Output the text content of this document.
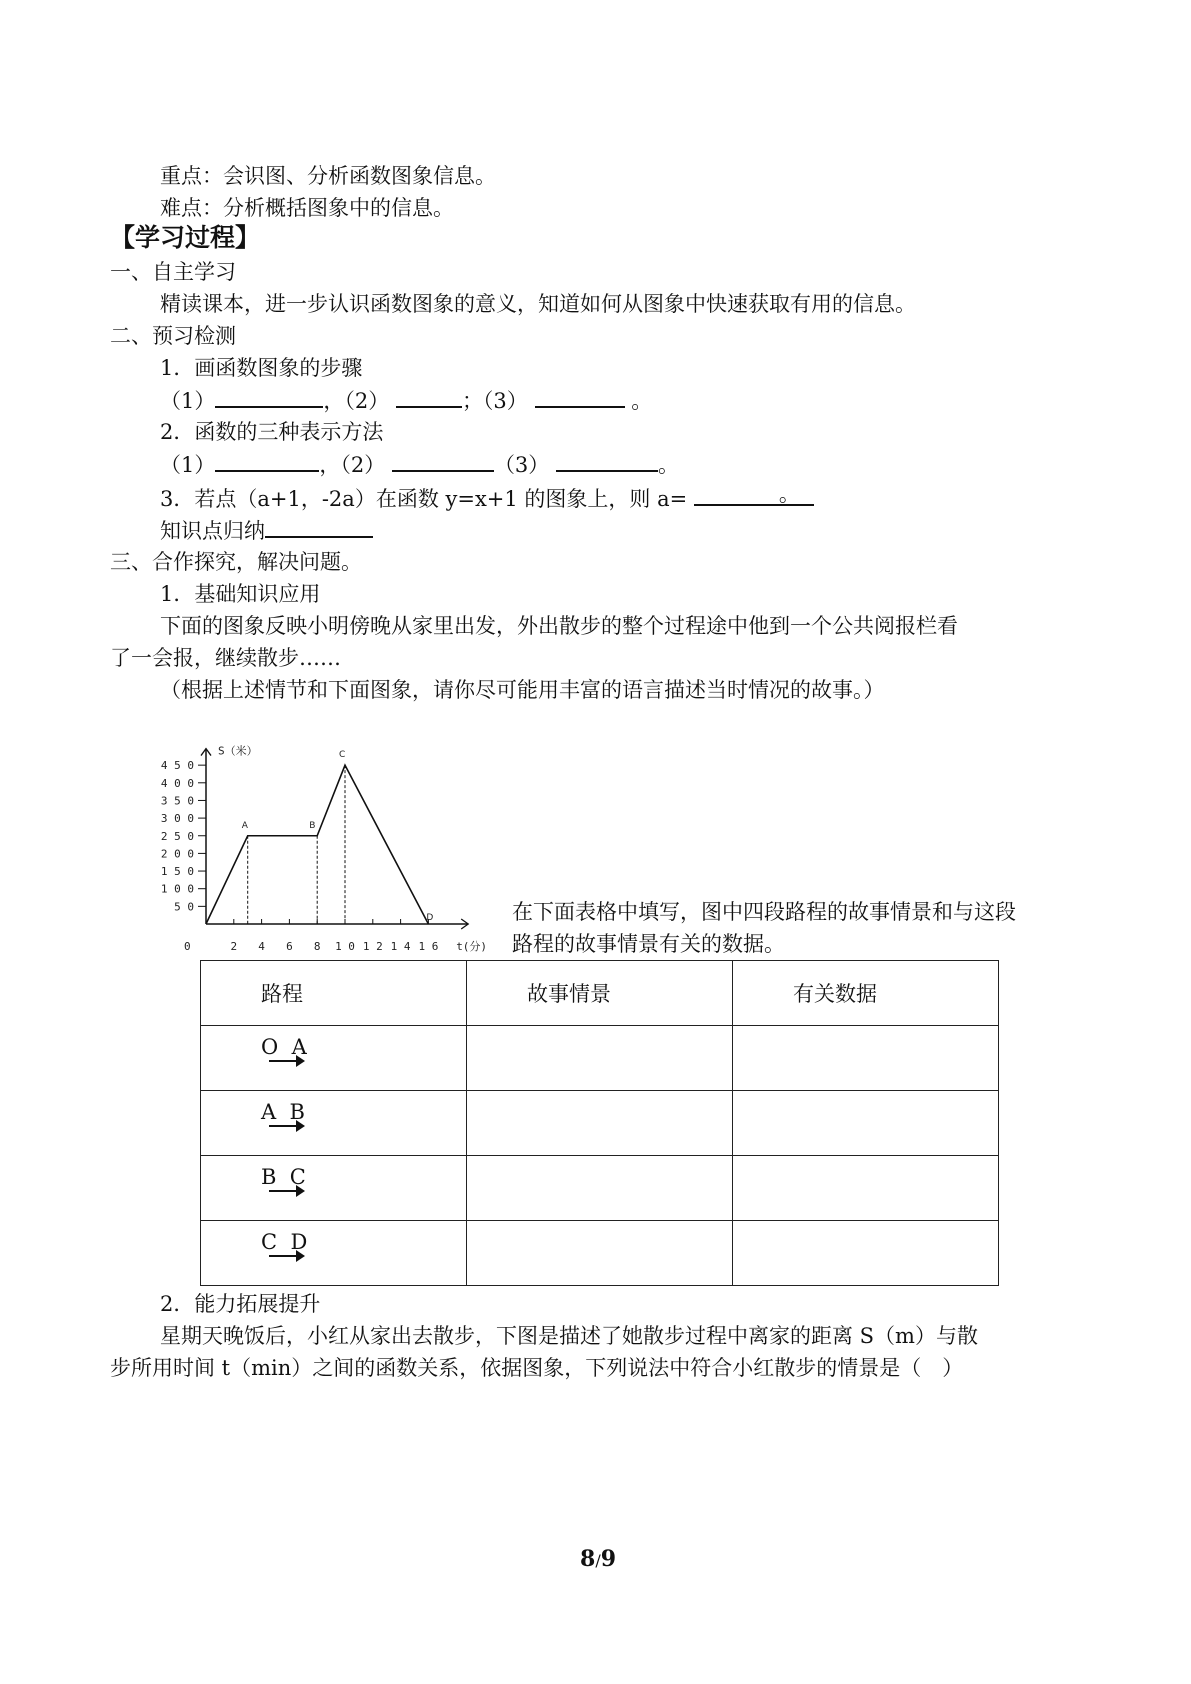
重点：会识图、分析函数图象信息。
难点：分析概括图象中的信息。
【学习过程】
一、自主学习
精读课本，进一步认识函数图象的意义，知道如何从图象中快速获取有用的信息。
二、预习检测
1．画函数图象的步骤
（1）	，（2）	；（3）	。
2．函数的三种表示方法
（1）	，（2）	（3）	。
3．若点（a+1，-2a）在函数 y=x+1 的图象上，则 a=	。
知识点归纳
三、合作探究，解决问题。
1．基础知识应用
下面的图象反映小明傍晚从家里出发，外出散步的整个过程途中他到一个公共阅报栏看
了一会报，继续散步……
（根据上述情节和下面图象，请你尽可能用丰富的语言描述当时情况的故事。）
5 0
1 0 0
1 5 0
2 0 0
2 5 0
3 0 0
3 5 0
4 0 0
4 5 0
2 4 6 8 1 0 1 2 1 4 1 6
0
S（米）
t(分)
A	B
C
D	在下面表格中填写，图中四段路程的故事情景和与这段
路程的故事情景有关的数据。
路程	故事情景	有关数据

O A		

A B		

B C		

C D		

2．能力拓展提升
星期天晚饭后，小红从家出去散步，下图是描述了她散步过程中离家的距离 S（m）与散
步所用时间 t（min）之间的函数关系，依据图象，下列说法中符合小红散步的情景是（　）
8/9
